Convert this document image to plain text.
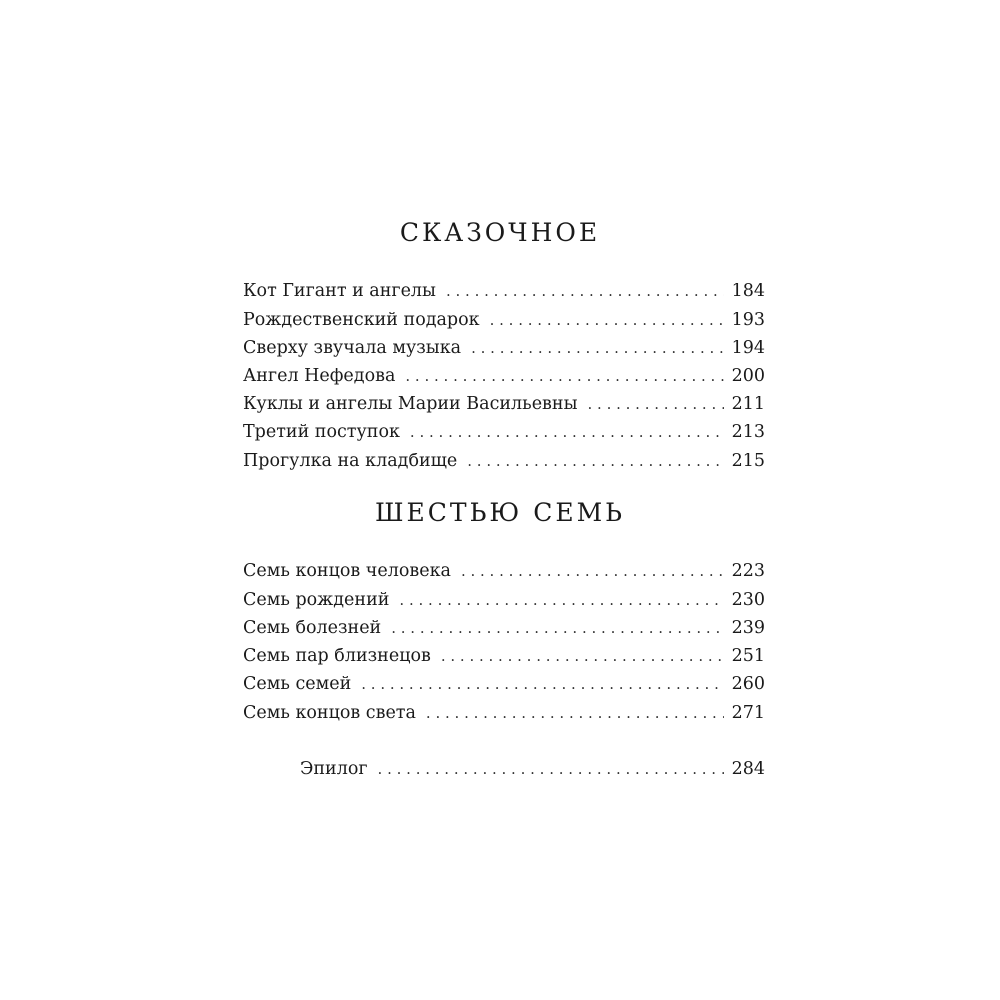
СКАЗОЧНОЕ
Кот Гигант и ангелы . . .	184
Рождественский подарок . . .	193
Сверху звучала музыка . . .	194
Ангел Нефедова . . .	200
Куклы и ангелы Марии Васильевны . . .	211
Третий поступок . . .	213
Прогулка на кладбище . . .	215
ШЕСТЬЮ СЕМЬ
Семь концов человека . . .	223
Семь рождений . . .	230
Семь болезней . . .	239
Семь пар близнецов . . .	251
Семь семей . . .	260
Семь концов света . . .	271
Эпилог . . .	284
